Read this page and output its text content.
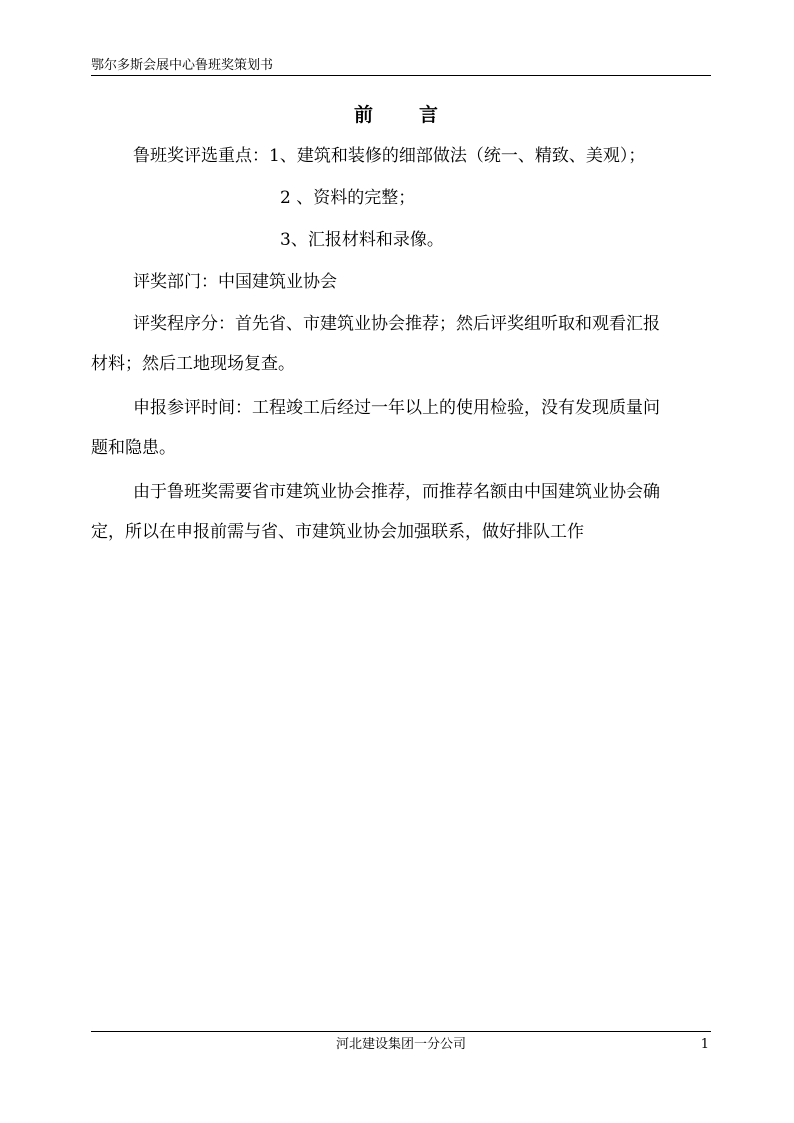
鄂尔多斯会展中心鲁班奖策划书
前 言
鲁班奖评选重点：1、建筑和装修的细部做法（统一、精致、美观）；
2 、资料的完整；
3、汇报材料和录像。
评奖部门：中国建筑业协会
评奖程序分：首先省、市建筑业协会推荐；然后评奖组听取和观看汇报
材料；然后工地现场复查。
申报参评时间：工程竣工后经过一年以上的使用检验，没有发现质量问
题和隐患。
由于鲁班奖需要省市建筑业协会推荐，而推荐名额由中国建筑业协会确
定，所以在申报前需与省、市建筑业协会加强联系，做好排队工作
河北建设集团一分公司	1
